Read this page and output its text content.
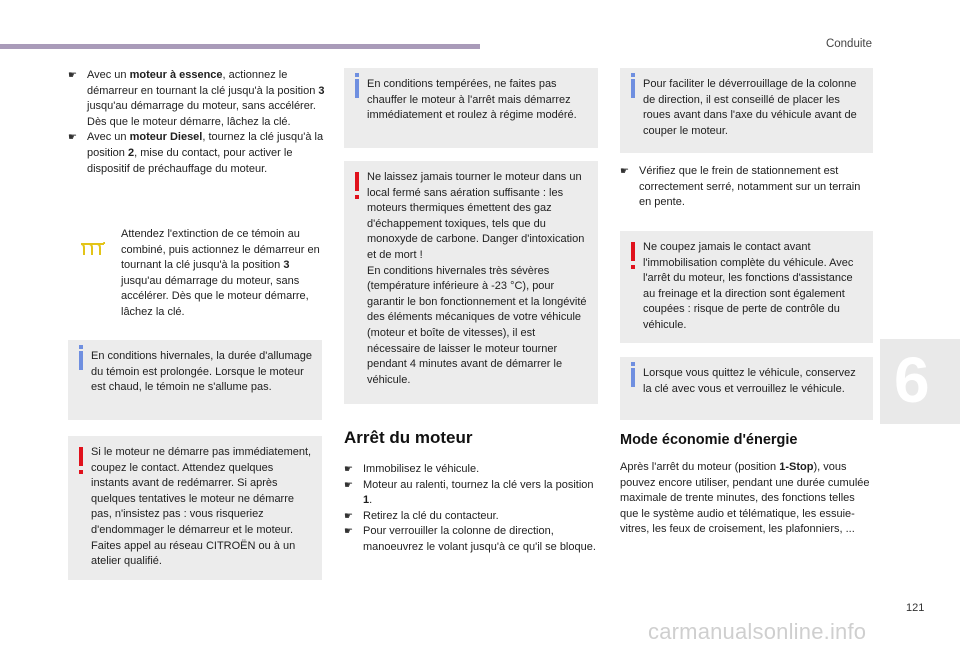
Conduite
6
121
carmanualsonline.info
☛ Avec un moteur à essence, actionnez le démarreur en tournant la clé jusqu'à la position 3 jusqu'au démarrage du moteur, sans accélérer. Dès que le moteur démarre, lâchez la clé.
☛ Avec un moteur Diesel, tournez la clé jusqu'à la position 2, mise du contact, pour activer le dispositif de préchauffage du moteur.
Attendez l'extinction de ce témoin au combiné, puis actionnez le démarreur en tournant la clé jusqu'à la position 3 jusqu'au démarrage du moteur, sans accélérer. Dès que le moteur démarre, lâchez la clé.
En conditions hivernales, la durée d'allumage du témoin est prolongée. Lorsque le moteur est chaud, le témoin ne s'allume pas.
Si le moteur ne démarre pas immédiatement, coupez le contact. Attendez quelques instants avant de redémarrer. Si après quelques tentatives le moteur ne démarre pas, n'insistez pas : vous risqueriez d'endommager le démarreur et le moteur. Faites appel au réseau CITROËN ou à un atelier qualifié.
En conditions tempérées, ne faites pas chauffer le moteur à l'arrêt mais démarrez immédiatement et roulez à régime modéré.
Ne laissez jamais tourner le moteur dans un local fermé sans aération suffisante : les moteurs thermiques émettent des gaz d'échappement toxiques, tels que du monoxyde de carbone. Danger d'intoxication et de mort !
En conditions hivernales très sévères (température inférieure à -23 °C), pour garantir le bon fonctionnement et la longévité des éléments mécaniques de votre véhicule (moteur et boîte de vitesses), il est nécessaire de laisser le moteur tourner pendant 4 minutes avant de démarrer le véhicule.
Arrêt du moteur
☛ Immobilisez le véhicule.
☛ Moteur au ralenti, tournez la clé vers la position 1.
☛ Retirez la clé du contacteur.
☛ Pour verrouiller la colonne de direction, manoeuvrez le volant jusqu'à ce qu'il se bloque.
Pour faciliter le déverrouillage de la colonne de direction, il est conseillé de placer les roues avant dans l'axe du véhicule avant de couper le moteur.
☛ Vérifiez que le frein de stationnement est correctement serré, notamment sur un terrain en pente.
Ne coupez jamais le contact avant l'immobilisation complète du véhicule. Avec l'arrêt du moteur, les fonctions d'assistance au freinage et la direction sont également coupées : risque de perte de contrôle du véhicule.
Lorsque vous quittez le véhicule, conservez la clé avec vous et verrouillez le véhicule.
Mode économie d'énergie
Après l'arrêt du moteur (position 1-Stop), vous pouvez encore utiliser, pendant une durée cumulée maximale de trente minutes, des fonctions telles que le système audio et télématique, les essuie-vitres, les feux de croisement, les plafonniers, ...
